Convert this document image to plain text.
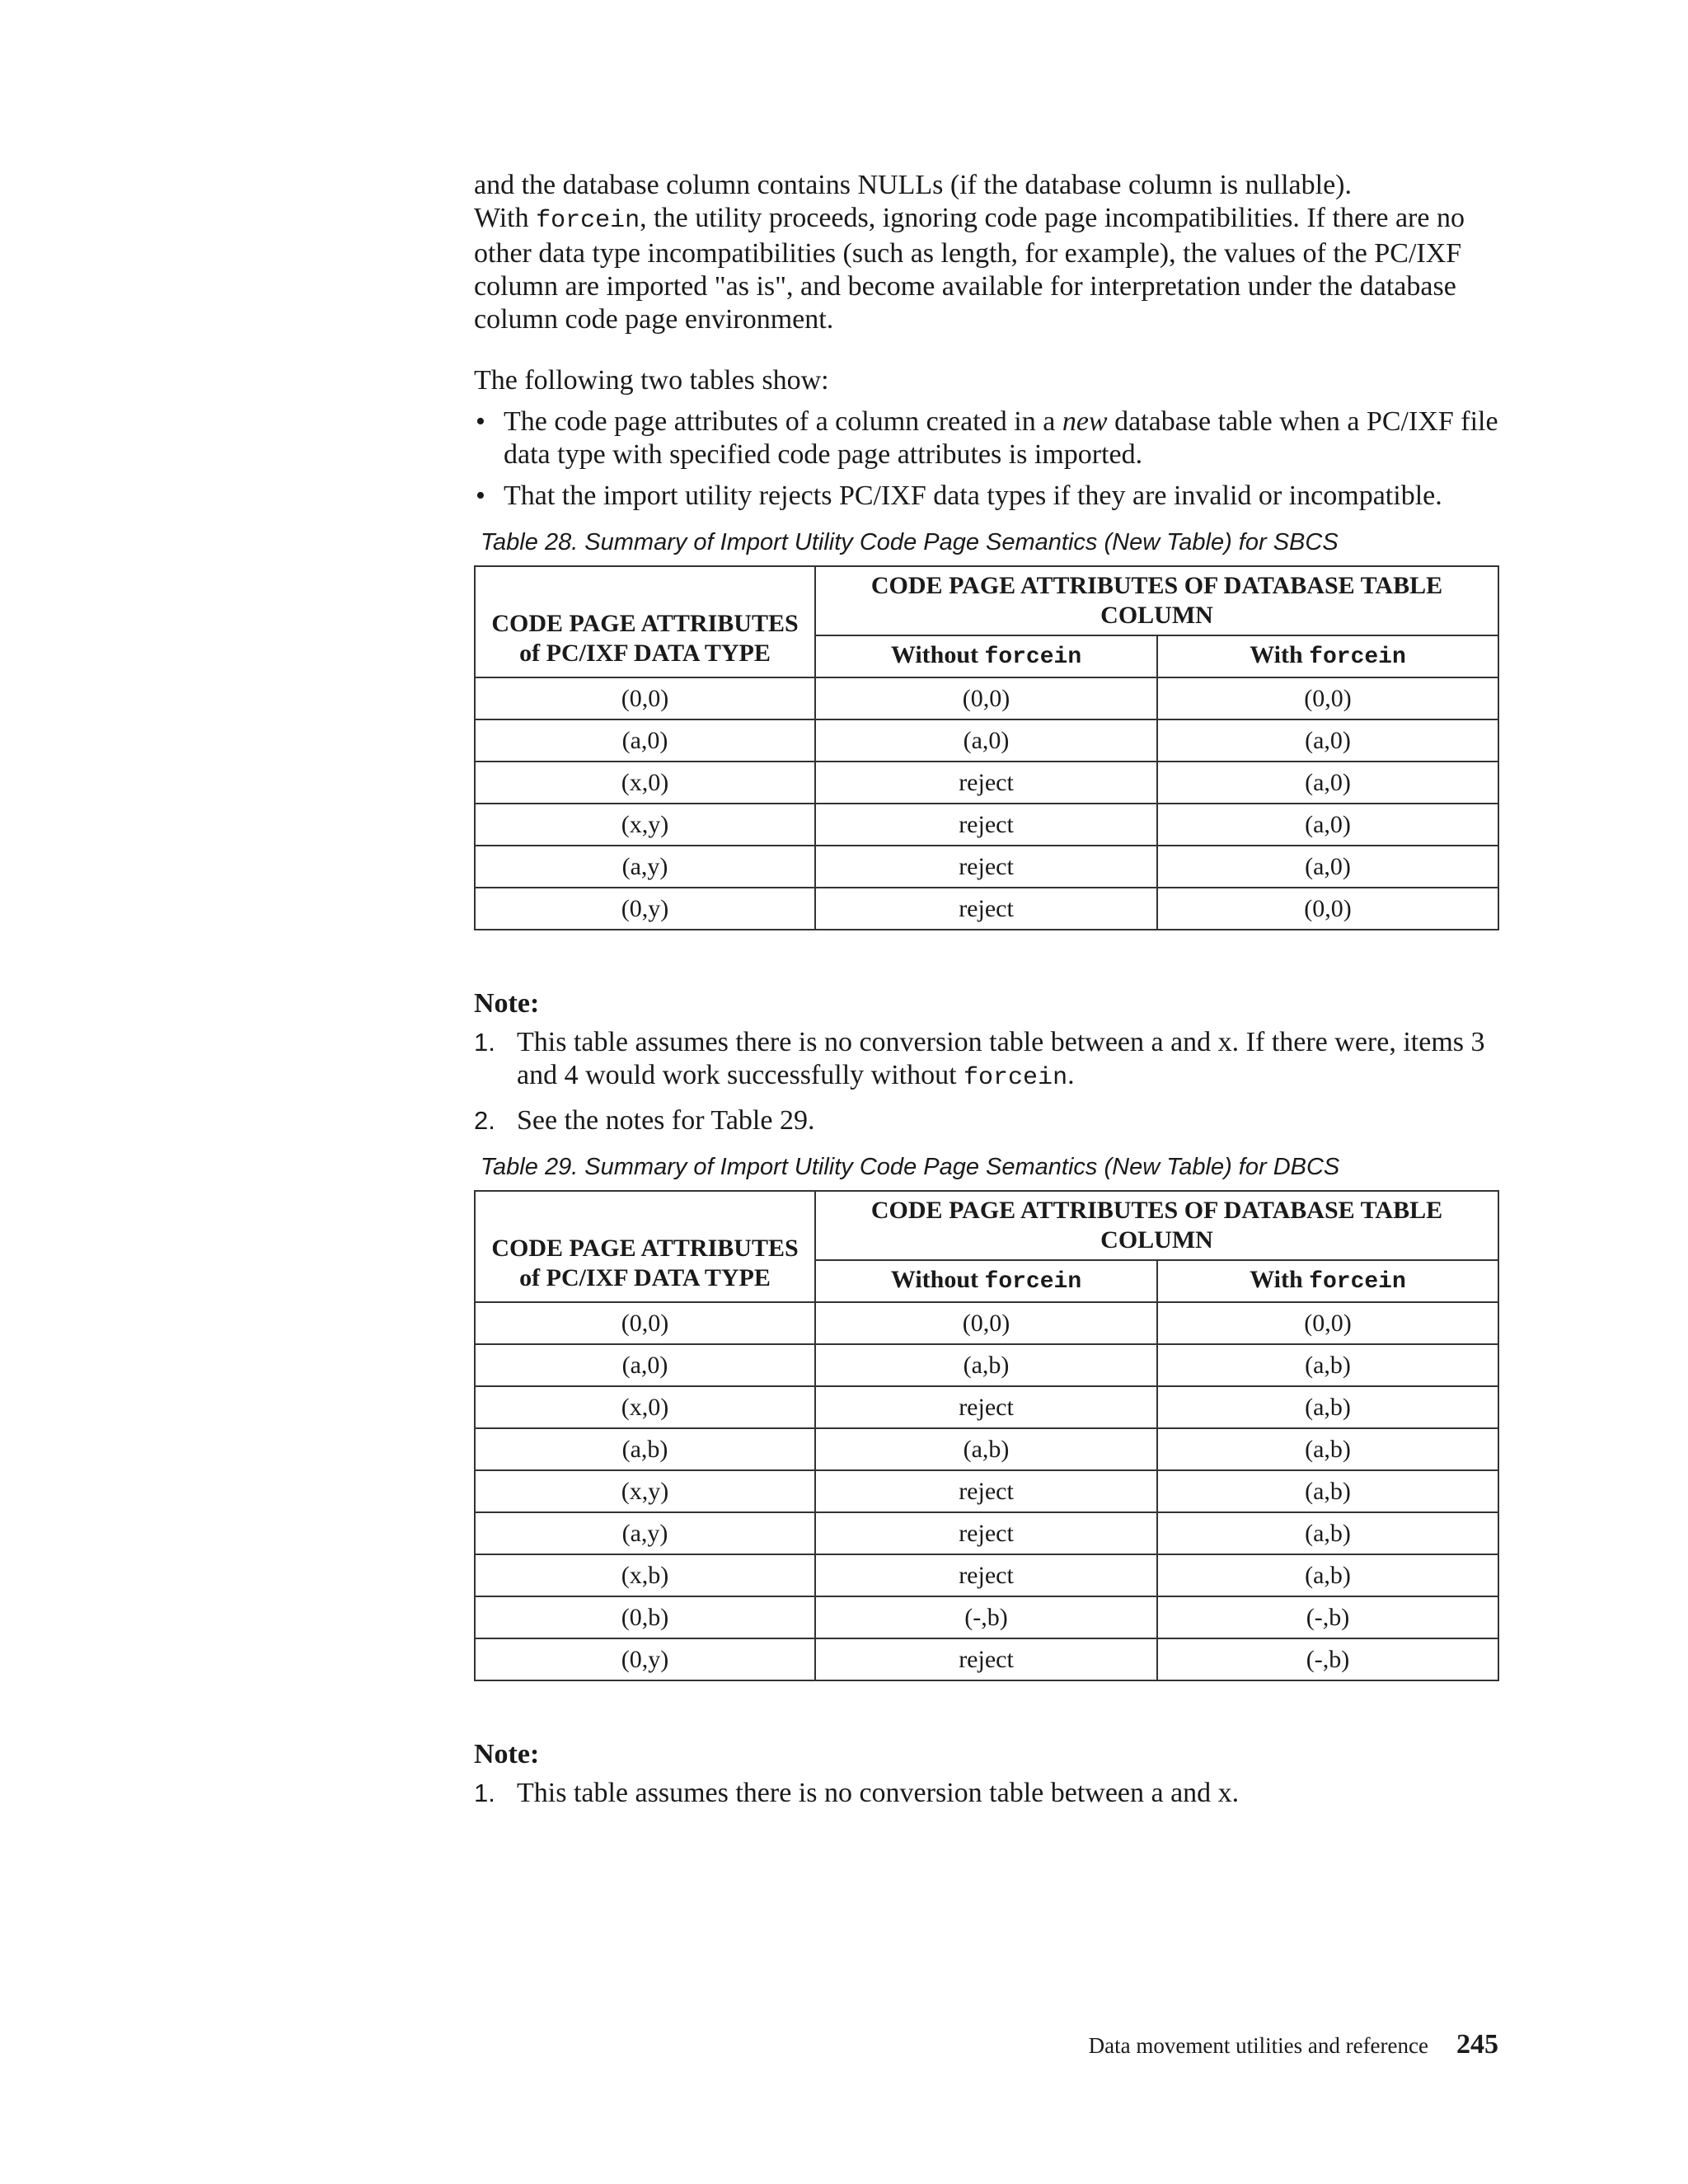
and the database column contains NULLs (if the database column is nullable).
With forcein, the utility proceeds, ignoring code page incompatibilities. If there are no other data type incompatibilities (such as length, for example), the values of the PC/IXF column are imported "as is", and become available for interpretation under the database column code page environment.

The following two tables show:

• The code page attributes of a column created in a new database table when a PC/IXF file data type with specified code page attributes is imported.
• That the import utility rejects PC/IXF data types if they are invalid or incompatible.
Table 28. Summary of Import Utility Code Page Semantics (New Table) for SBCS
CODE PAGE ATTRIBUTES
of PC/IXF DATA TYPE	CODE PAGE ATTRIBUTES OF DATABASE TABLE COLUMN	
	Without forcein	With forcein
(0,0)	(0,0)	(0,0)
(a,0)	(a,0)	(a,0)
(x,0)	reject	(a,0)
(x,y)	reject	(a,0)
(a,y)	reject	(a,0)
(0,y)	reject	(0,0)
Note:
1. This table assumes there is no conversion table between a and x. If there were, items 3 and 4 would work successfully without forcein.
2. See the notes for Table 29.
Table 29. Summary of Import Utility Code Page Semantics (New Table) for DBCS
CODE PAGE ATTRIBUTES
of PC/IXF DATA TYPE	CODE PAGE ATTRIBUTES OF DATABASE TABLE COLUMN	
	Without forcein	With forcein
(0,0)	(0,0)	(0,0)
(a,0)	(a,b)	(a,b)
(x,0)	reject	(a,b)
(a,b)	(a,b)	(a,b)
(x,y)	reject	(a,b)
(a,y)	reject	(a,b)
(x,b)	reject	(a,b)
(0,b)	(-,b)	(-,b)
(0,y)	reject	(-,b)
Note:
1. This table assumes there is no conversion table between a and x.
Data movement utilities and reference 245
